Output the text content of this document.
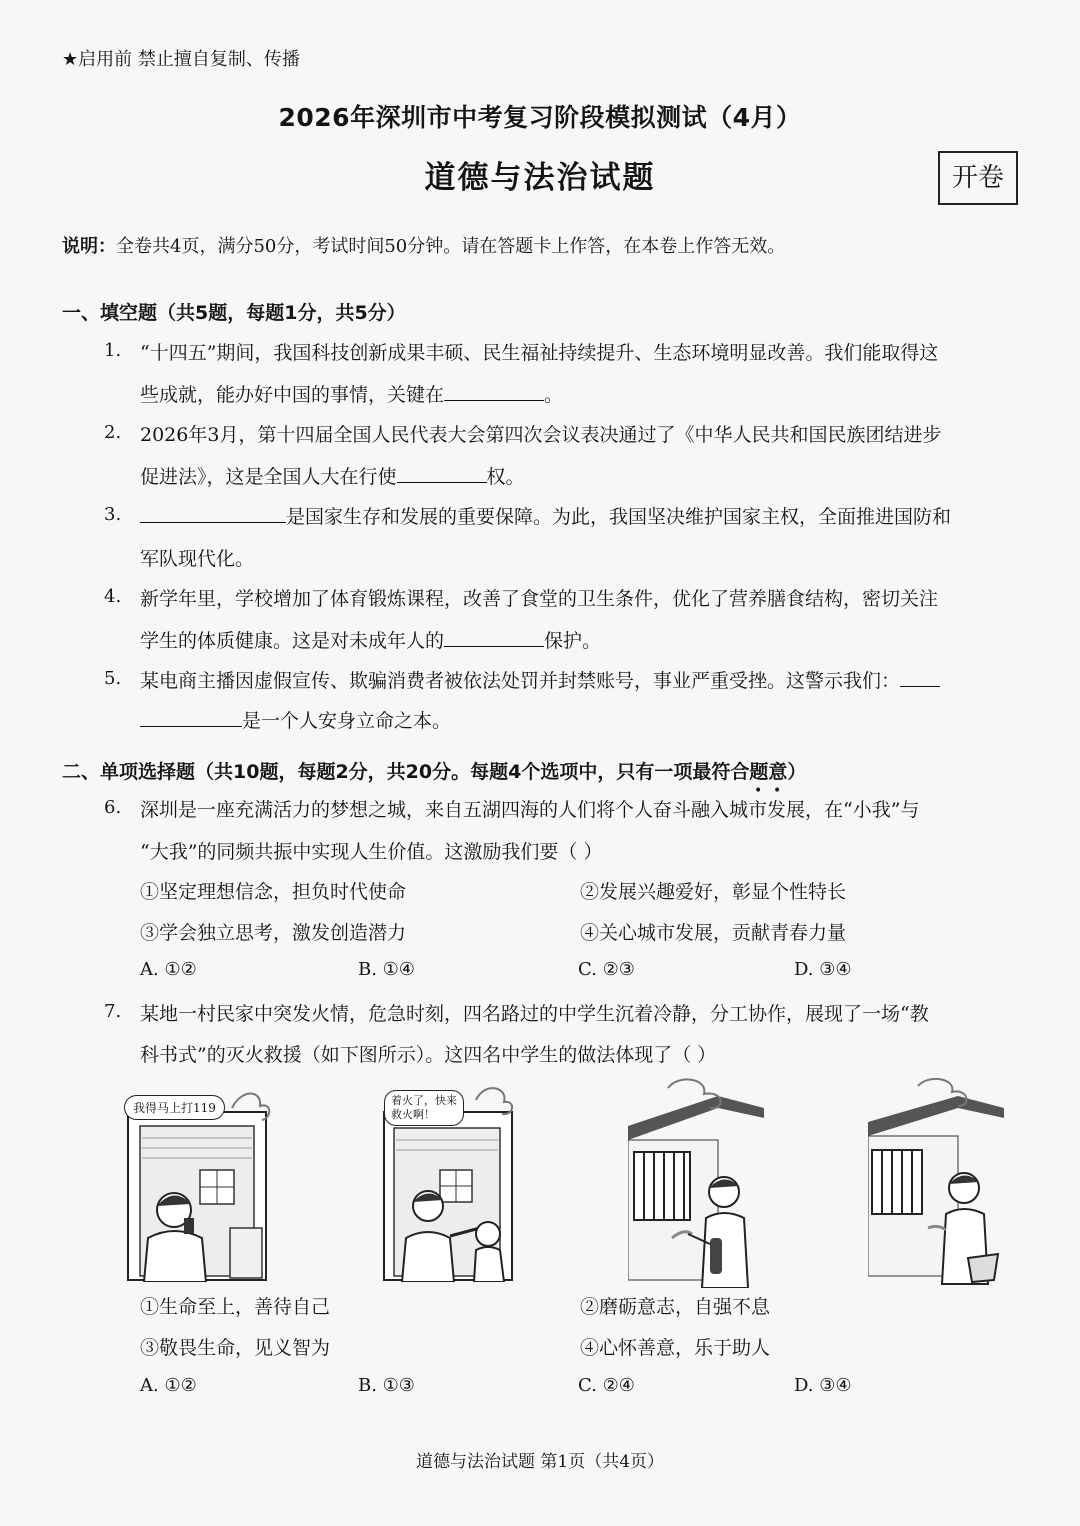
★启用前 禁止擅自复制、传播
2026年深圳市中考复习阶段模拟测试（4月）
道德与法治试题	开卷
说明：全卷共4页，满分50分，考试时间50分钟。请在答题卡上作答，在本卷上作答无效。
一、填空题（共5题，每题1分，共5分）
1. “十四五”期间，我国科技创新成果丰硕、民生福祉持续提升、生态环境明显改善。我们能取得这
些成就，能办好中国的事情，关键在	。
2. 2026年3月，第十四届全国人民代表大会第四次会议表决通过了《中华人民共和国民族团结进步
促进法》，这是全国人大在行使	权。
3.	是国家生存和发展的重要保障。为此，我国坚决维护国家主权，全面推进国防和
军队现代化。
4. 新学年里，学校增加了体育锻炼课程，改善了食堂的卫生条件，优化了营养膳食结构，密切关注
学生的体质健康。这是对未成年人的	保护。
5. 某电商主播因虚假宣传、欺骗消费者被依法处罚并封禁账号，事业严重受挫。这警示我们：
是一个人安身立命之本。
二、单项选择题（共10题，每题2分，共20分。每题4个选项中，只有一项最符合题意）
• •
6. 深圳是一座充满活力的梦想之城，来自五湖四海的人们将个人奋斗融入城市发展，在“小我”与
“大我”的同频共振中实现人生价值。这激励我们要（ ）
①坚定理想信念，担负时代使命	②发展兴趣爱好，彰显个性特长
③学会独立思考，激发创造潜力	④关心城市发展，贡献青春力量
A. ①②	B. ①④	C. ②③	D. ③④
7. 某地一村民家中突发火情，危急时刻，四名路过的中学生沉着冷静，分工协作，展现了一场“教
科书式”的灭火救援（如下图所示）。这四名中学生的做法体现了（ ）
我得马上打119
着火了，快来
救火啊！
①生命至上，善待自己	②磨砺意志，自强不息
③敬畏生命，见义智为	④心怀善意，乐于助人
A. ①②	B. ①③	C. ②④	D. ③④
道德与法治试题 第1页（共4页）
